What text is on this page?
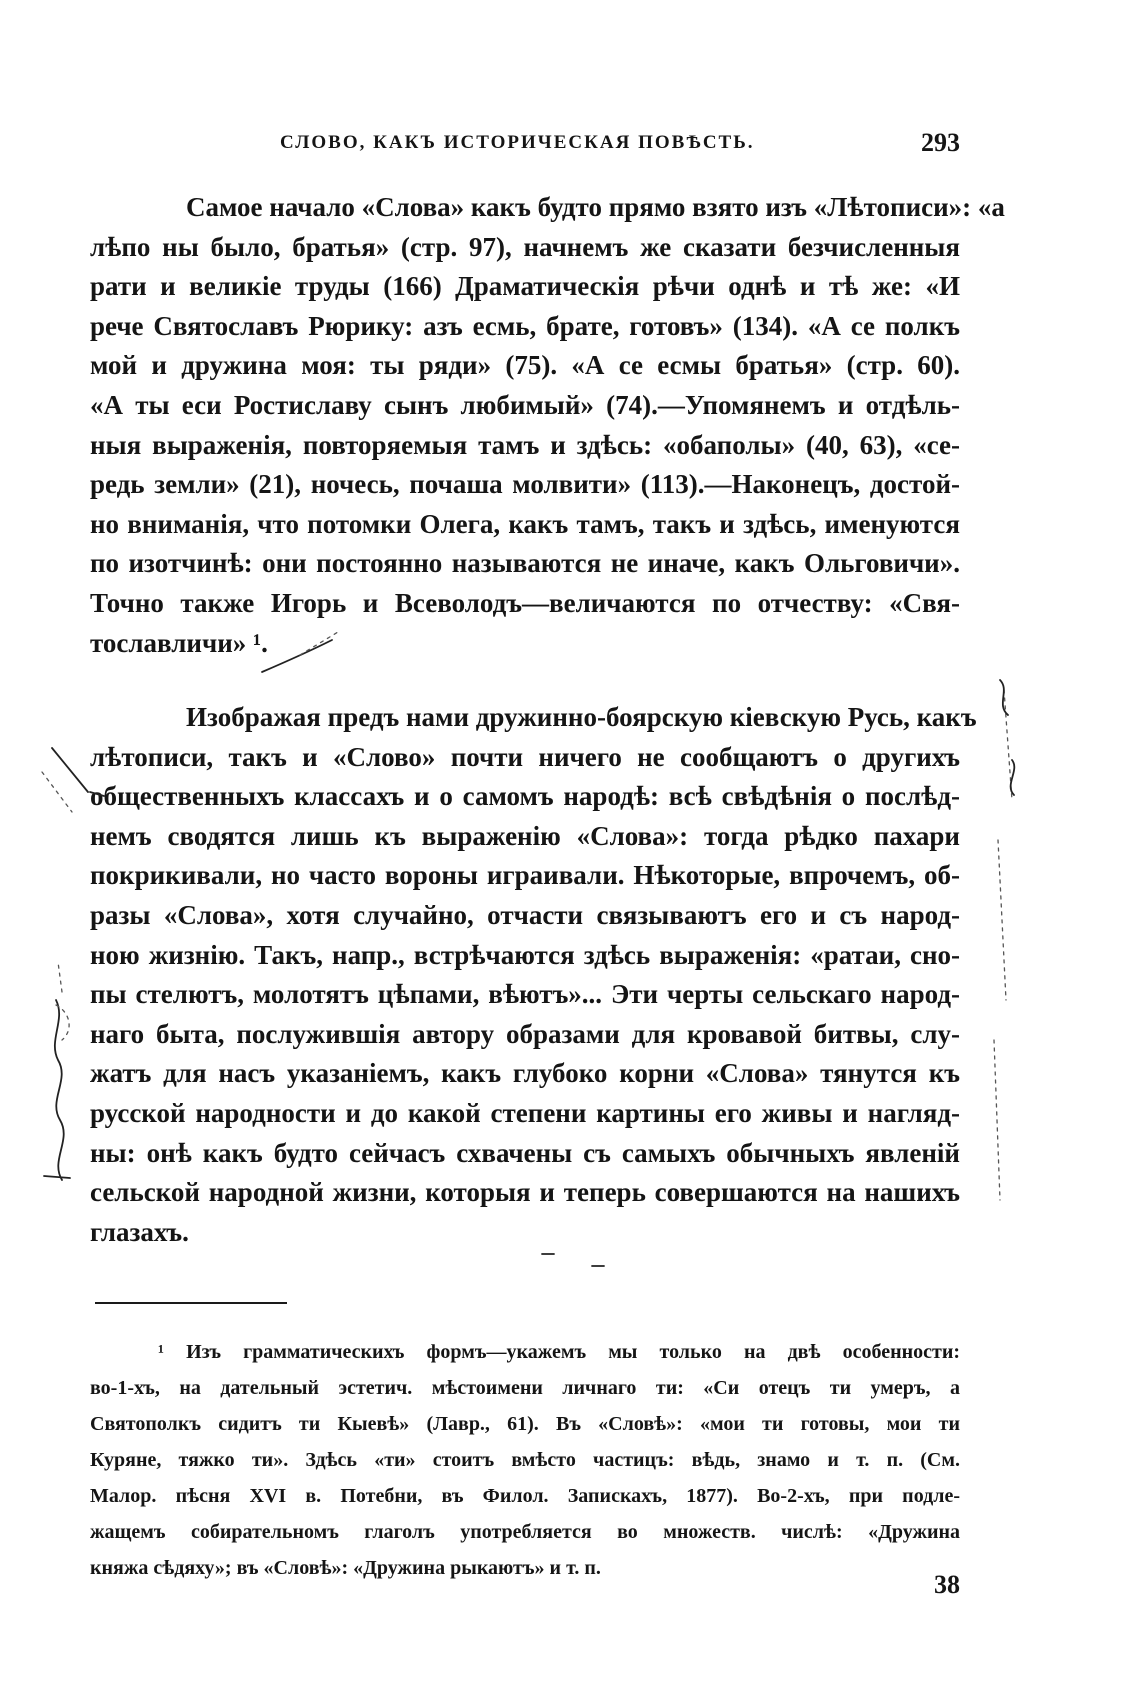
СЛОВО, КАКЪ ИСТОРИЧЕСКАЯ ПОВѢСТЬ.	293
Самое начало «Слова» какъ будто прямо взято изъ «Лѣтописи»: «а
лѣпо ны было, братья» (стр. 97), начнемъ же сказати безчисленныя
рати и великіе труды (166) Драматическія рѣчи однѣ и тѣ же: «И
рече Святославъ Рюрику: азъ есмь, брате, готовъ» (134). «А се полкъ
мой и дружина моя: ты ряди» (75). «А се есмы братья» (стр. 60).
«А ты еси Ростиславу сынъ любимый» (74).—Упомянемъ и отдѣль-
ныя выраженія, повторяемыя тамъ и здѣсь: «обаполы» (40, 63), «се-
редь земли» (21), ночесь, почаша молвити» (113).—Наконецъ, достой-
но вниманія, что потомки Олега, какъ тамъ, такъ и здѣсь, именуются
по изотчинѣ: они постоянно называются не иначе, какъ Ольговичи».
Точно также Игорь и Всеволодъ—величаются по отчеству: «Свя-
тославличи» ¹.
Изображая предъ нами дружинно-боярскую кіевскую Русь, какъ
лѣтописи, такъ и «Слово» почти ничего не сообщаютъ о другихъ
общественныхъ классахъ и о самомъ народѣ: всѣ свѣдѣнія о послѣд-
немъ сводятся лишь къ выраженію «Слова»: тогда рѣдко пахари
покрикивали, но часто вороны играивали. Нѣкоторые, впрочемъ, об-
разы «Слова», хотя случайно, отчасти связываютъ его и съ народ-
ною жизнію. Такъ, напр., встрѣчаются здѣсь выраженія: «ратаи, сно-
пы стелютъ, молотятъ цѣпами, вѣютъ»... Эти черты сельскаго народ-
наго быта, послужившія автору образами для кровавой битвы, слу-
жатъ для насъ указаніемъ, какъ глубоко корни «Слова» тянутся къ
русской народности и до какой степени картины его живы и нагляд-
ны: онѣ какъ будто сейчасъ схвачены съ самыхъ обычныхъ явленій
сельской народной жизни, которыя и теперь совершаются на нашихъ
глазахъ.
¹ Изъ грамматическихъ формъ—укажемъ мы только на двѣ особенности:
во-1-хъ, на дательный эстетич. мѣстоимени личнаго ти: «Си отецъ ти умеръ, а
Святополкъ сидитъ ти Кыевѣ» (Лавр., 61). Въ «Словѣ»: «мои ти готовы, мои ти
Куряне, тяжко ти». Здѣсь «ти» стоитъ вмѣсто частицъ: вѣдь, знамо и т. п. (См.
Малор. пѣсня XVI в. Потебни, въ Филол. Запискахъ, 1877). Во-2-хъ, при подле-
жащемъ собирательномъ глаголъ употребляется во множеств. числѣ: «Дружина
княжа сѣдяху»; въ «Словѣ»: «Дружина рыкаютъ» и т. п.
38
